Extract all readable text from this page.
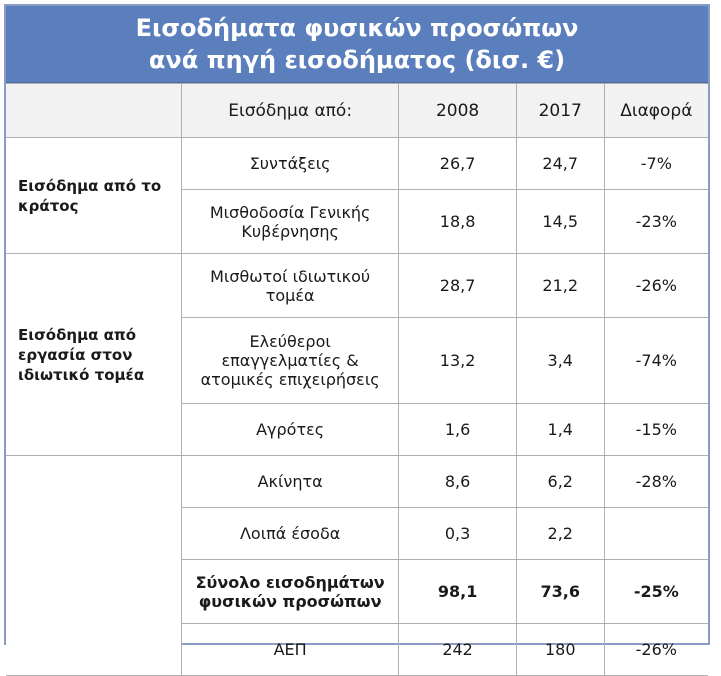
Εισοδήματα φυσικών προσώπων
ανά πηγή εισοδήματος (δισ. €)
	Εισόδημα από:	2008	2017	Διαφορά
Εισόδημα από το κράτος	Συντάξεις	26,7	24,7	-7%
	Μισθοδοσία Γενικής Κυβέρνησης	18,8	14,5	-23%
Εισόδημα από εργασία στον ιδιωτικό τομέα	Μισθωτοί ιδιωτικού τομέα	28,7	21,2	-26%
	Ελεύθεροι επαγγελματίες & ατομικές επιχειρήσεις	13,2	3,4	-74%
	Αγρότες	1,6	1,4	-15%
	Ακίνητα	8,6	6,2	-28%
	Λοιπά έσοδα	0,3	2,2	
	Σύνολο εισοδημάτων φυσικών προσώπων	98,1	73,6	-25%
	ΑΕΠ	242	180	-26%
